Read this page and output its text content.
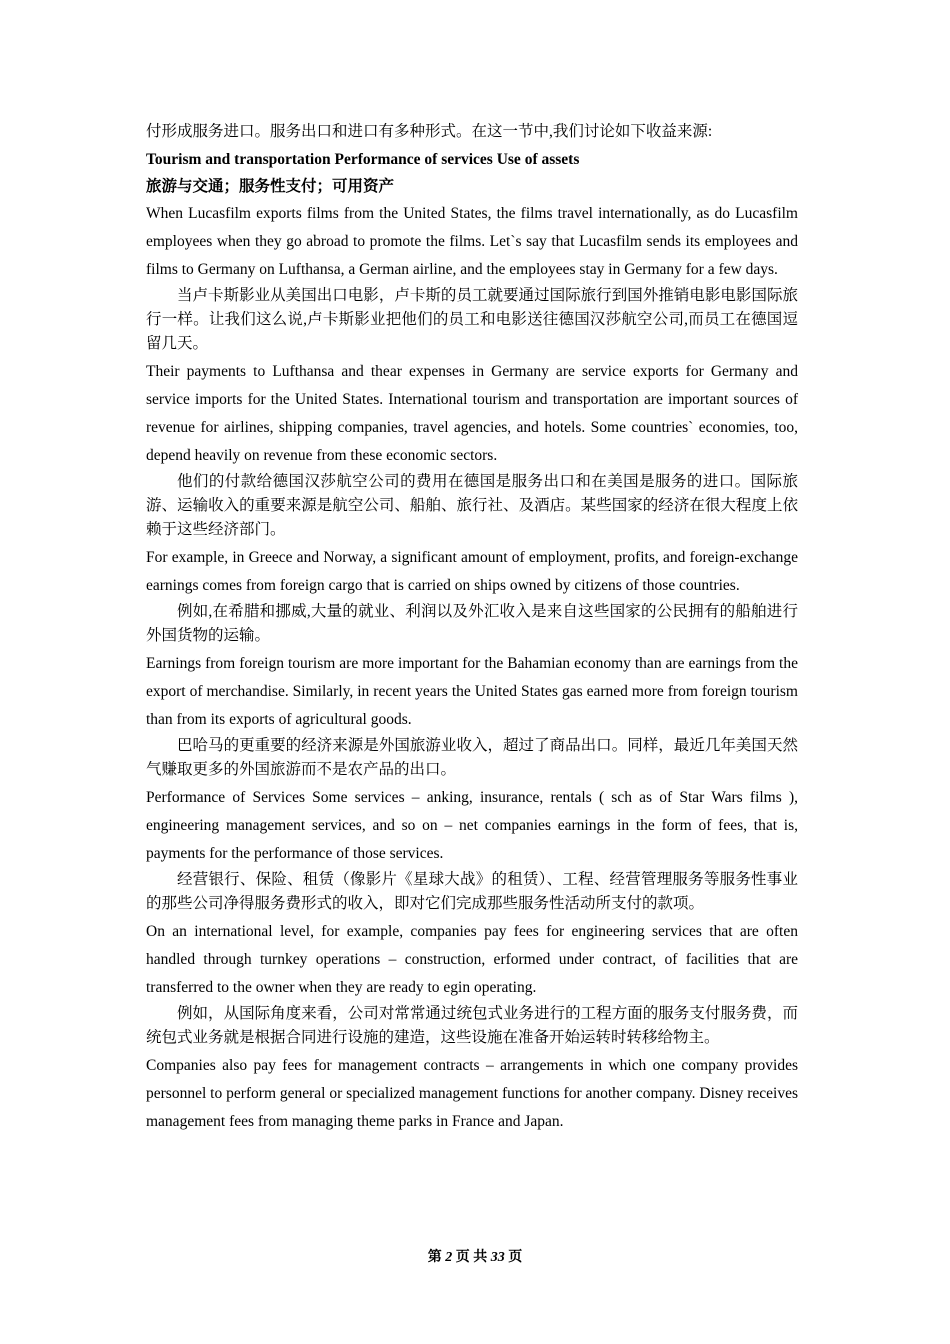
付形成服务进口。服务出口和进口有多种形式。在这一节中,我们讨论如下收益来源:

Tourism and transportation Performance of services Use of assets

旅游与交通；服务性支付；可用资产

When Lucasfilm exports films from the United States, the films travel internationally, as do Lucasfilm employees when they go abroad to promote the films. Let`s say that Lucasfilm sends its employees and films to Germany on Lufthansa, a German airline, and the employees stay in Germany for a few days.

当卢卡斯影业从美国出口电影，卢卡斯的员工就要通过国际旅行到国外推销电影电影国际旅行一样。让我们这么说,卢卡斯影业把他们的员工和电影送往德国汉莎航空公司,而员工在德国逗留几天。

Their payments to Lufthansa and thear expenses in Germany are service exports for Germany and service imports for the United States. International tourism and transportation are important sources of revenue for airlines, shipping companies, travel agencies, and hotels. Some countries` economies, too, depend heavily on revenue from these economic sectors.

他们的付款给德国汉莎航空公司的费用在德国是服务出口和在美国是服务的进口。国际旅游、运输收入的重要来源是航空公司、船舶、旅行社、及酒店。某些国家的经济在很大程度上依赖于这些经济部门。

For example, in Greece and Norway, a significant amount of employment, profits, and foreign-exchange earnings comes from foreign cargo that is carried on ships owned by citizens of those countries.

例如,在希腊和挪威,大量的就业、利润以及外汇收入是来自这些国家的公民拥有的船舶进行外国货物的运输。

Earnings from foreign tourism are more important for the Bahamian economy than are earnings from the export of merchandise. Similarly, in recent years the United States gas earned more from foreign tourism than from its exports of agricultural goods.

巴哈马的更重要的经济来源是外国旅游业收入，超过了商品出口。同样，最近几年美国天然气赚取更多的外国旅游而不是农产品的出口。

Performance of Services Some services – anking, insurance, rentals ( sch as of Star Wars films ), engineering management services, and so on – net companies earnings in the form of fees, that is, payments for the performance of those services.

经营银行、保险、租赁（像影片《星球大战》的租赁）、工程、经营管理服务等服务性事业的那些公司净得服务费形式的收入，即对它们完成那些服务性活动所支付的款项。

On an international level, for example, companies pay fees for engineering services that are often handled through turnkey operations – construction, erformed under contract, of facilities that are transferred to the owner when they are ready to egin operating.

例如，从国际角度来看，公司对常常通过统包式业务进行的工程方面的服务支付服务费，而统包式业务就是根据合同进行设施的建造，这些设施在准备开始运转时转移给物主。

Companies also pay fees for management contracts – arrangements in which one company provides personnel to perform general or specialized management functions for another company. Disney receives management fees from managing theme parks in France and Japan.

第 2 页 共 33 页
